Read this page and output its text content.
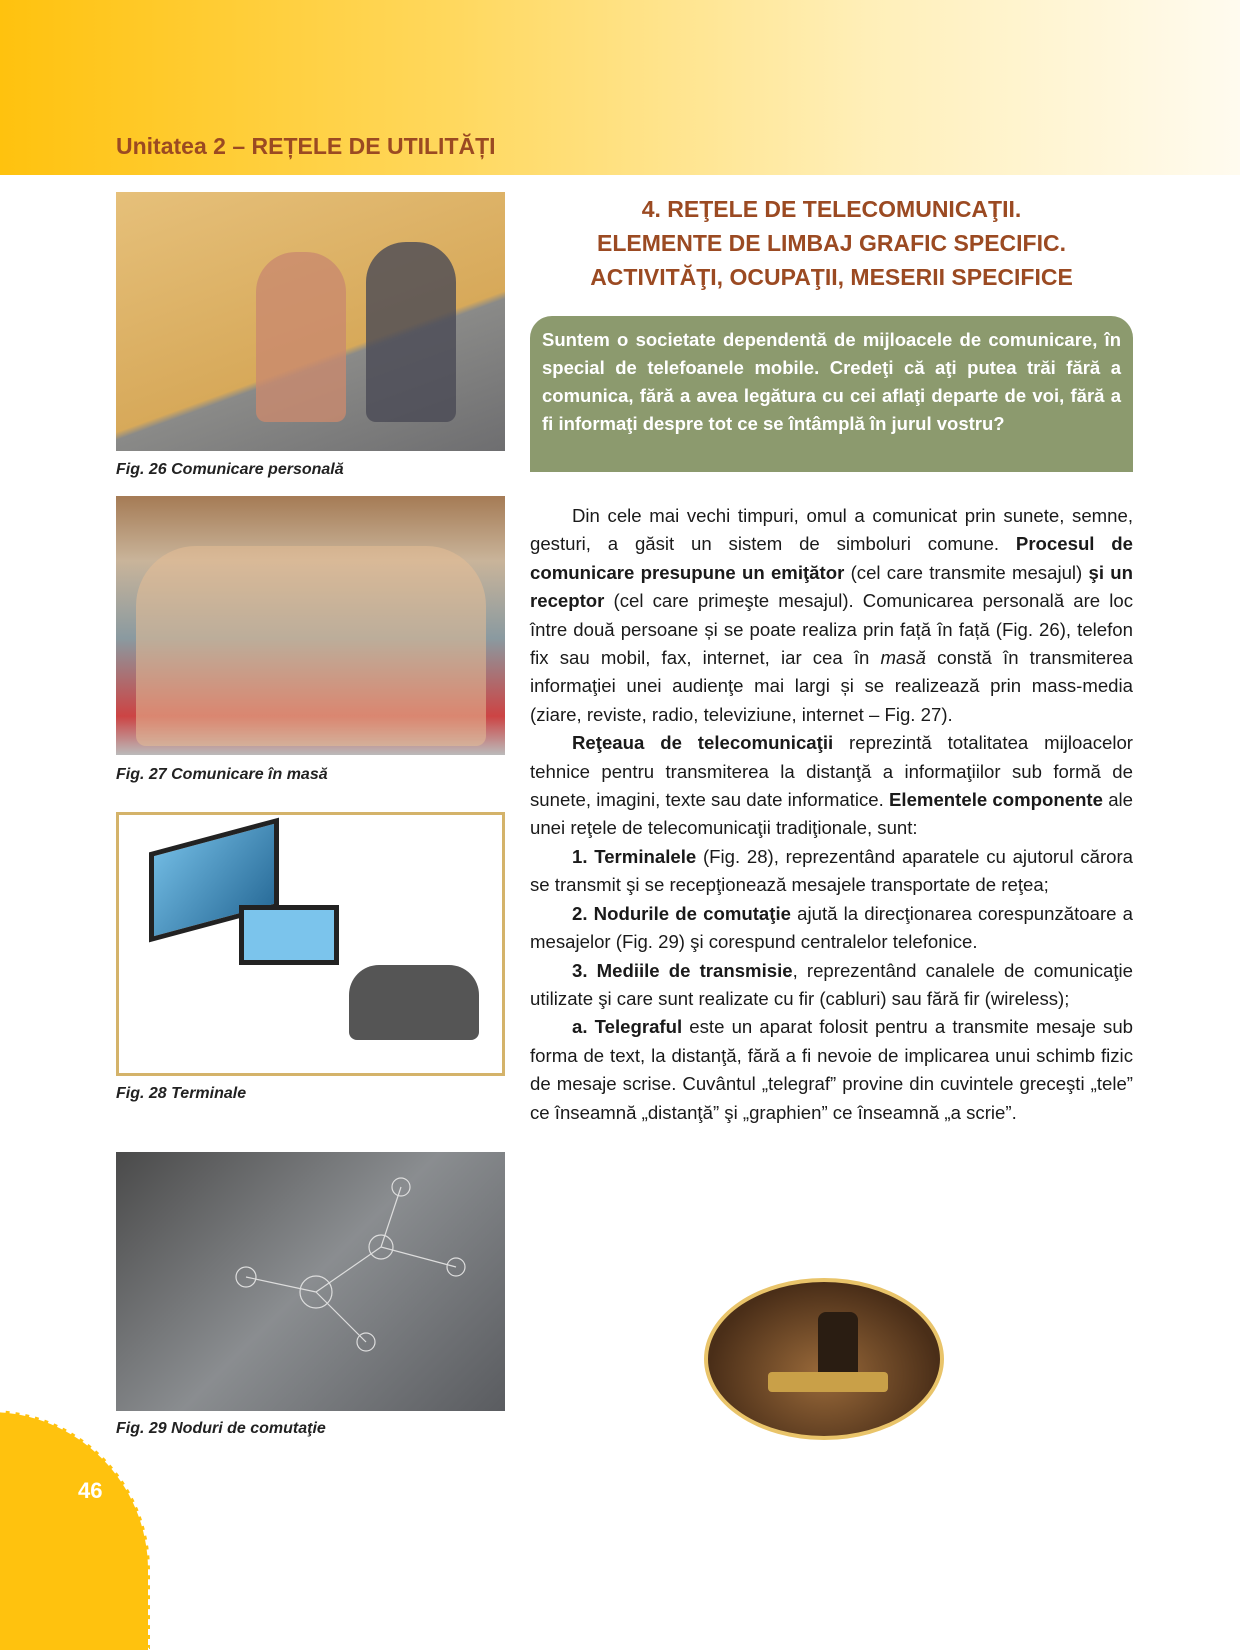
Unitatea 2 – REȚELE DE UTILITĂȚI
Fig. 26 Comunicare personală
Fig. 27 Comunicare în masă
Fig. 28 Terminale
Fig. 29 Noduri de comutaţie
4. REŢELE DE TELECOMUNICAŢII.
ELEMENTE DE LIMBAJ GRAFIC SPECIFIC.
ACTIVITĂŢI, OCUPAŢII, MESERII SPECIFICE
Suntem o societate dependentă de mijloacele de comunicare, în special de telefoanele mobile. Credeţi că aţi putea trăi fără a comunica, fără a avea legătura cu cei aflaţi departe de voi, fără a fi informaţi despre tot ce se întâmplă în jurul vostru?

Din cele mai vechi timpuri, omul a comunicat prin sunete, semne, gesturi, a găsit un sistem de simboluri comune. Procesul de comunicare presupune un emiţător (cel care transmite mesajul) şi un receptor (cel care primeşte mesajul). Comunicarea personală are loc între două persoane și se poate realiza prin față în față (Fig. 26), telefon fix sau mobil, fax, internet, iar cea în masă constă în transmiterea informaţiei unei audienţe mai largi și se realizează prin mass-media (ziare, reviste, radio, televiziune, internet – Fig. 27).

Reţeaua de telecomunicaţii reprezintă totalitatea mijloacelor tehnice pentru transmiterea la distanţă a informaţiilor sub formă de sunete, imagini, texte sau date informatice. Elementele componente ale unei reţele de telecomunicaţii tradiţionale, sunt:

1. Terminalele (Fig. 28), reprezentând aparatele cu ajutorul cărora se transmit şi se recepţionează mesajele transportate de reţea;

2. Nodurile de comutaţie ajută la direcţionarea corespunzătoare a mesajelor (Fig. 29) şi corespund centralelor telefonice.

3. Mediile de transmisie, reprezentând canalele de comunicaţie utilizate şi care sunt realizate cu fir (cabluri) sau fără fir (wireless);

a. Telegraful este un aparat folosit pentru a transmite mesaje sub forma de text, la distanţă, fără a fi nevoie de implicarea unui schimb fizic de mesaje scrise. Cuvântul „telegraf” provine din cuvintele greceşti „tele” ce înseamnă „distanţă” şi „graphien” ce înseamnă „a scrie”.

46
